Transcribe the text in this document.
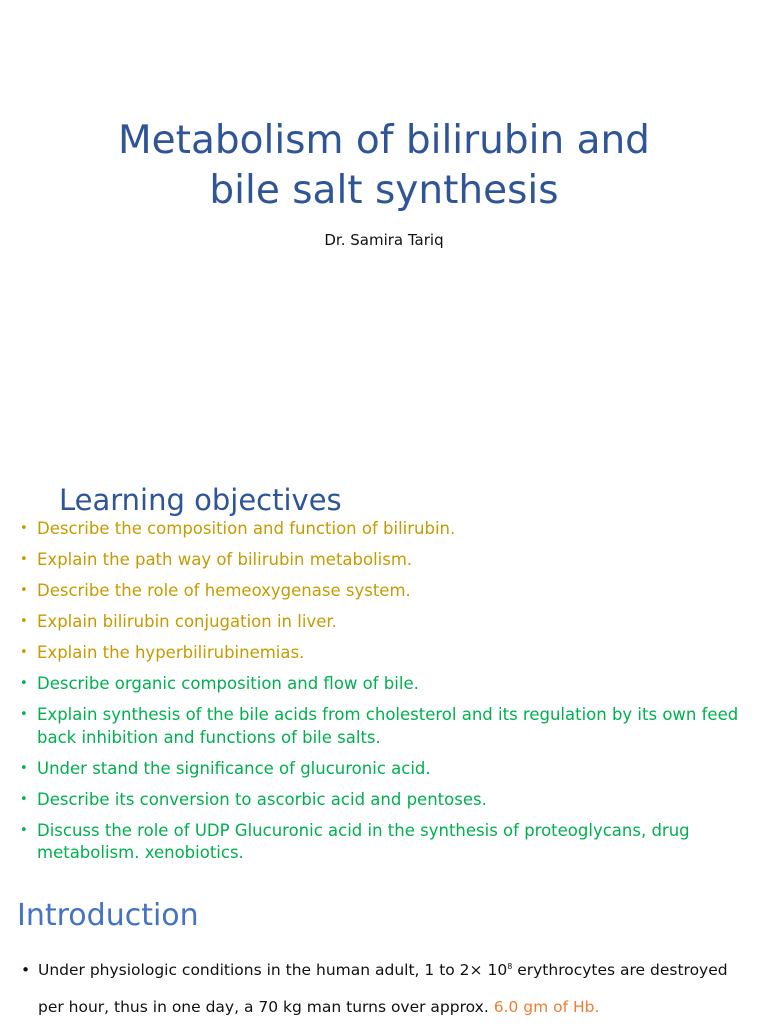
Metabolism of bilirubin and
bile salt synthesis
Dr. Samira Tariq
Learning objectives
• Describe the composition and function of bilirubin.
• Explain the path way of bilirubin metabolism.
• Describe the role of hemeoxygenase system.
• Explain bilirubin conjugation in liver.
• Explain the hyperbilirubinemias.
• Describe organic composition and flow of bile.
• Explain synthesis of the bile acids from cholesterol and its regulation by its own feed back inhibition and functions of bile salts.
• Under stand the significance of glucuronic acid.
• Describe its conversion to ascorbic acid and pentoses.
• Discuss the role of UDP Glucuronic acid in the synthesis of proteoglycans, drug metabolism. xenobiotics.
Introduction
• Under physiologic conditions in the human adult, 1 to $2\times 10^8$ erythrocytes are destroyed per hour, thus in one day, a 70 kg man turns over approx. 6.0 gm of Hb.
